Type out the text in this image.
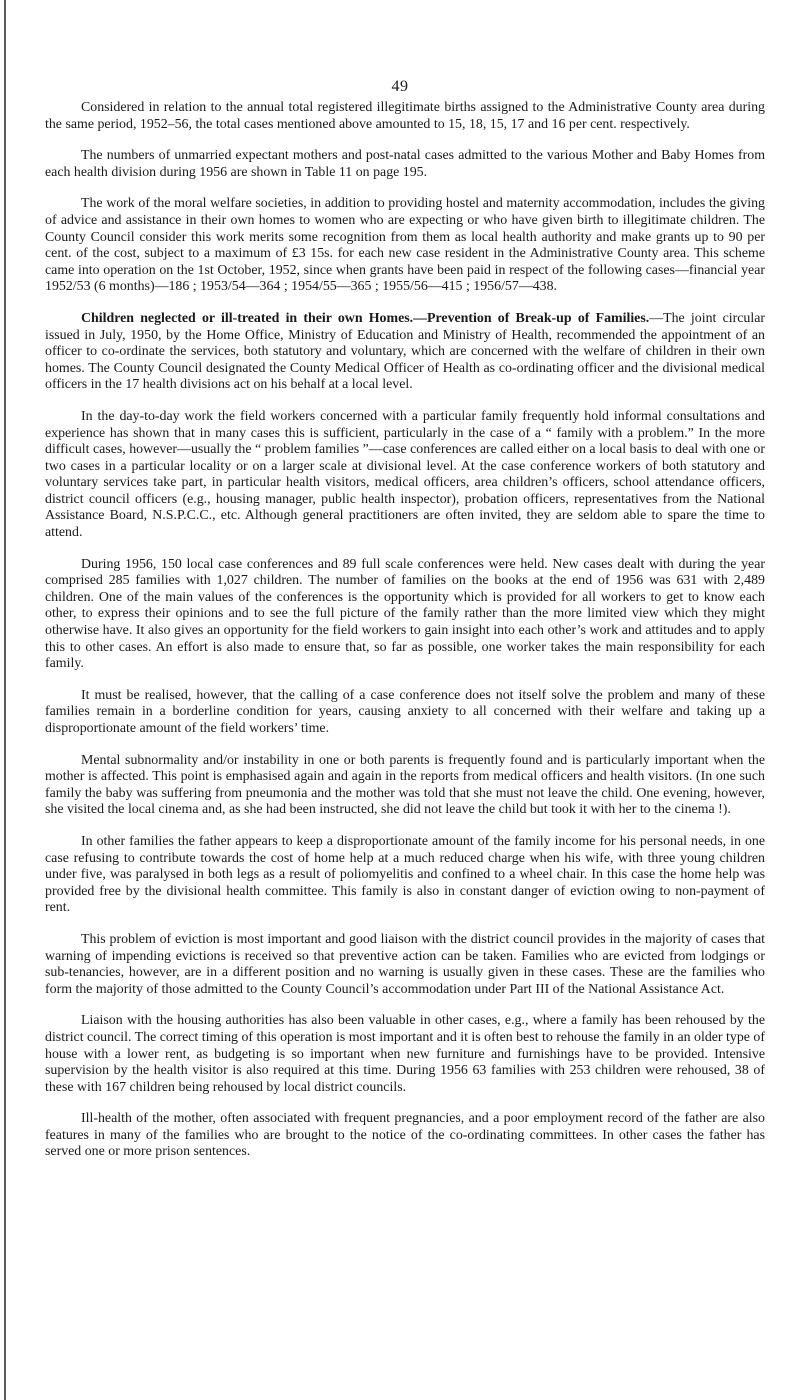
49

Considered in relation to the annual total registered illegitimate births assigned to the Administrative County area during the same period, 1952–56, the total cases mentioned above amounted to 15, 18, 15, 17 and 16 per cent. respectively.

The numbers of unmarried expectant mothers and post-natal cases admitted to the various Mother and Baby Homes from each health division during 1956 are shown in Table 11 on page 195.

The work of the moral welfare societies, in addition to providing hostel and maternity accommodation, includes the giving of advice and assistance in their own homes to women who are expecting or who have given birth to illegitimate children. The County Council consider this work merits some recognition from them as local health authority and make grants up to 90 per cent. of the cost, subject to a maximum of £3 15s. for each new case resident in the Administrative County area. This scheme came into operation on the 1st October, 1952, since when grants have been paid in respect of the following cases—financial year 1952/53 (6 months)—186 ; 1953/54—364 ; 1954/55—365 ; 1955/56—415 ; 1956/57—438.

Children neglected or ill-treated in their own Homes.—Prevention of Break-up of Families.—The joint circular issued in July, 1950, by the Home Office, Ministry of Education and Ministry of Health, recommended the appointment of an officer to co-ordinate the services, both statutory and voluntary, which are concerned with the welfare of children in their own homes. The County Council designated the County Medical Officer of Health as co-ordinating officer and the divisional medical officers in the 17 health divisions act on his behalf at a local level.

In the day-to-day work the field workers concerned with a particular family frequently hold informal consultations and experience has shown that in many cases this is sufficient, particularly in the case of a “ family with a problem.” In the more difficult cases, however—usually the “ problem families ”—case conferences are called either on a local basis to deal with one or two cases in a particular locality or on a larger scale at divisional level. At the case conference workers of both statutory and voluntary services take part, in particular health visitors, medical officers, area children’s officers, school attendance officers, district council officers (e.g., housing manager, public health inspector), probation officers, representatives from the National Assistance Board, N.S.P.C.C., etc. Although general practitioners are often invited, they are seldom able to spare the time to attend.

During 1956, 150 local case conferences and 89 full scale conferences were held. New cases dealt with during the year comprised 285 families with 1,027 children. The number of families on the books at the end of 1956 was 631 with 2,489 children. One of the main values of the conferences is the opportunity which is provided for all workers to get to know each other, to express their opinions and to see the full picture of the family rather than the more limited view which they might otherwise have. It also gives an opportunity for the field workers to gain insight into each other’s work and attitudes and to apply this to other cases. An effort is also made to ensure that, so far as possible, one worker takes the main responsibility for each family.

It must be realised, however, that the calling of a case conference does not itself solve the problem and many of these families remain in a borderline condition for years, causing anxiety to all concerned with their welfare and taking up a disproportionate amount of the field workers’ time.

Mental subnormality and/or instability in one or both parents is frequently found and is particularly important when the mother is affected. This point is emphasised again and again in the reports from medical officers and health visitors. (In one such family the baby was suffering from pneumonia and the mother was told that she must not leave the child. One evening, however, she visited the local cinema and, as she had been instructed, she did not leave the child but took it with her to the cinema !).

In other families the father appears to keep a disproportionate amount of the family income for his personal needs, in one case refusing to contribute towards the cost of home help at a much reduced charge when his wife, with three young children under five, was paralysed in both legs as a result of poliomyelitis and confined to a wheel chair. In this case the home help was provided free by the divisional health committee. This family is also in constant danger of eviction owing to non-payment of rent.

This problem of eviction is most important and good liaison with the district council provides in the majority of cases that warning of impending evictions is received so that preventive action can be taken. Families who are evicted from lodgings or sub-tenancies, however, are in a different position and no warning is usually given in these cases. These are the families who form the majority of those admitted to the County Council’s accommodation under Part III of the National Assistance Act.

Liaison with the housing authorities has also been valuable in other cases, e.g., where a family has been rehoused by the district council. The correct timing of this operation is most important and it is often best to rehouse the family in an older type of house with a lower rent, as budgeting is so important when new furniture and furnishings have to be provided. Intensive supervision by the health visitor is also required at this time. During 1956 63 families with 253 children were rehoused, 38 of these with 167 children being rehoused by local district councils.

Ill-health of the mother, often associated with frequent pregnancies, and a poor employment record of the father are also features in many of the families who are brought to the notice of the co-ordinating committees. In other cases the father has served one or more prison sentences.
